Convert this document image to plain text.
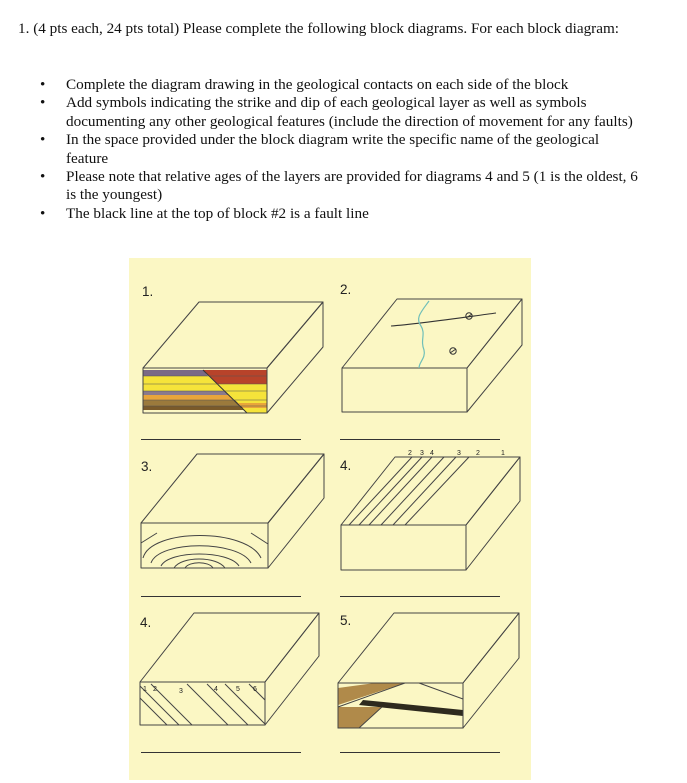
1. (4 pts each, 24 pts total) Please complete the following block diagrams. For each block diagram:
• Complete the diagram drawing in the geological contacts on each side of the block
• Add symbols indicating the strike and dip of each geological layer as well as symbols documenting any other geological features (include the direction of movement for any faults)
• In the space provided under the block diagram write the specific name of the geological feature
• Please note that relative ages of the layers are provided for diagrams 4 and 5 (1 is the oldest, 6 is the youngest)
• The black line at the top of block #2 is a fault line
1.	2.
3.	4.
4.	5.
2 3 4	3 2	1
1 2	3	4	5 6
